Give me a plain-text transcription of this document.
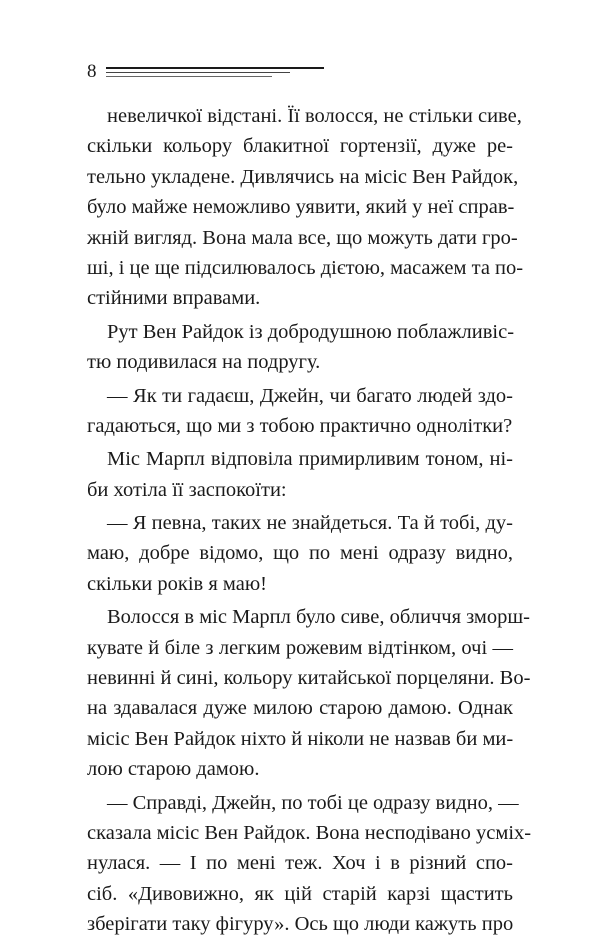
8
невеличкої відстані. Її волосся, не стільки сиве,
скільки кольору блакитної гортензії, дуже ре-
тельно укладене. Дивлячись на місіс Вен Райдок,
було майже неможливо уявити, який у неї справ-
жній вигляд. Вона мала все, що можуть дати гро-
ші, і це ще підсилювалось дієтою, масажем та по-
стійними вправами.
Рут Вен Райдок із добродушною поблажливіс-
тю подивилася на подругу.
— Як ти гадаєш, Джейн, чи багато людей здо-
гадаються, що ми з тобою практично однолітки?
Міс Марпл відповіла примирливим тоном, ні-
би хотіла її заспокоїти:
— Я певна, таких не знайдеться. Та й тобі, ду-
маю, добре відомо, що по мені одразу видно,
скільки років я маю!
Волосся в міс Марпл було сиве, обличчя зморш-
кувате й біле з легким рожевим відтінком, очі —
невинні й сині, кольору китайської порцеляни. Во-
на здавалася дуже милою старою дамою. Однак
місіс Вен Райдок ніхто й ніколи не назвав би ми-
лою старою дамою.
— Справді, Джейн, по тобі це одразу видно, —
сказала місіс Вен Райдок. Вона несподівано усміх-
нулася. — І по мені теж. Хоч і в різний спо-
сіб. «Дивовижно, як цій старій карзі щастить
зберігати таку фігуру». Ось що люди кажуть про
